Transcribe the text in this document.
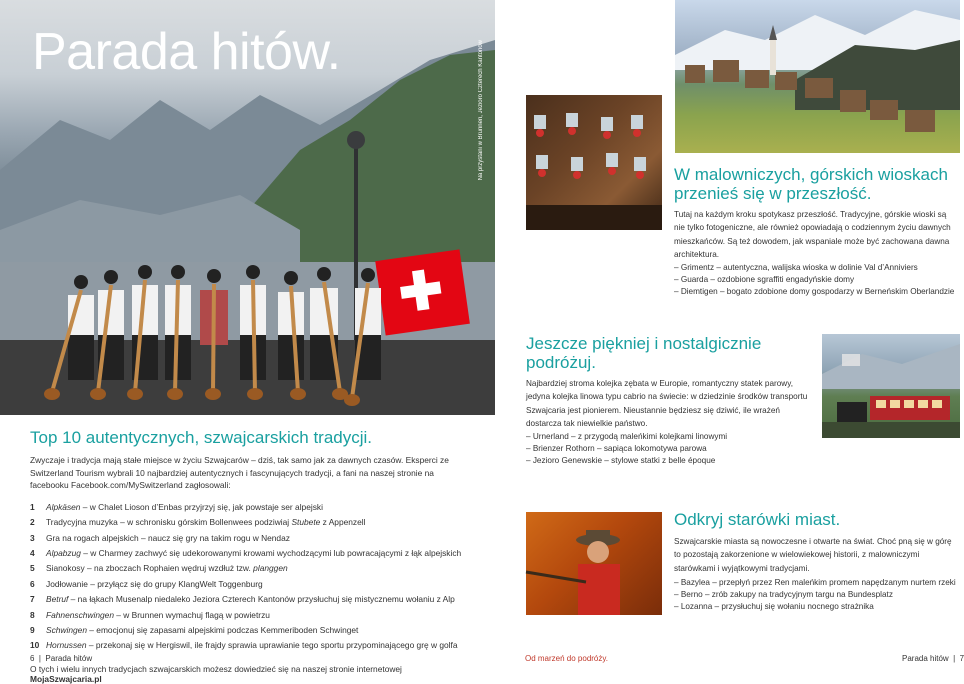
Parada hitów.	Na przystani w Brunnen, Jezioro Czterech Kantonów
Top 10 autentycznych, szwajcarskich tradycji.

Zwyczaje i tradycja mają stałe miejsce w życiu Szwajcarów – dziś, tak samo jak za dawnych czasów. Eksperci ze Switzerland Tourism wybrali 10 najbardziej autentycznych i fascynujących tradycji, a fani na naszej stronie na facebooku Facebook.com/MySwitzerland zagłosowali:

1	Alpkäsen – w Chalet Lioson d’Enbas przyjrzyj się, jak powstaje ser alpejski
2	Tradycyjna muzyka – w schronisku górskim Bollenwees podziwiaj Stubete z Appenzell
3	Gra na rogach alpejskich – naucz się gry na takim rogu w Nendaz
4	Alpabzug – w Charmey zachwyć się udekorowanymi krowami wychodzącymi lub powracającymi z łąk alpejskich
5	Sianokosy – na zboczach Rophaien wędruj wzdłuż tzw. planggen
6	Jodłowanie – przyłącz się do grupy KlangWelt Toggenburg
7	Betruf – na łąkach Musenalp niedaleko Jeziora Czterech Kantonów przysłuchuj się mistycznemu wołaniu z Alp
8	Fahnenschwingen – w Brunnen wymachuj flagą w powietrzu
9	Schwingen – emocjonuj się zapasami alpejskimi podczas Kemmeriboden Schwinget
10 Hornussen – przekonaj się w Hergiswil, ile frajdy sprawia uprawianie tego sportu przypominającego grę w golfa

O tych i wielu innych tradycjach szwajcarskich możesz dowiedzieć się na naszej stronie internetowej MojaSzwajcaria.pl

6  |  Parada hitów
W malowniczych, górskich wioskach przenieś się w przeszłość.

Tutaj na każdym kroku spotykasz przeszłość. Tradycyjne, górskie wioski są nie tylko fotogeniczne, ale również opowiadają o codziennym życiu dawnych mieszkańców. Są też dowodem, jak wspaniale może być zachowana dawna architektura.

– Grimentz – autentyczna, walijska wioska w dolinie Val d’Anniviers
– Guarda – ozdobione sgraffiti engadyńskie domy
– Diemtigen – bogato zdobione domy gospodarzy w Berneńskim Oberlandzie
Jeszcze piękniej i nostalgicznie podróżuj.

Najbardziej stroma kolejka zębata w Europie, romantyczny statek parowy, jedyna kolejka linowa typu cabrio na świecie: w dziedzinie środków transportu Szwajcaria jest pionierem. Nieustannie będziesz się dziwić, ile wrażeń dostarcza tak niewielkie państwo.

– Urnerland – z przygodą maleńkimi kolejkami linowymi
– Brienzer Rothorn – sapiąca lokomotywa parowa
– Jezioro Genewskie – stylowe statki z belle époque
Odkryj starówki miast.

Szwajcarskie miasta są nowoczesne i otwarte na świat. Choć pną się w górę to pozostają zakorzenione w wielowiekowej historii, z malowniczymi starówkami i wyjątkowymi tradycjami.

– Bazylea – przepłyń przez Ren maleńkim promem napędzanym nurtem rzeki
– Berno – zrób zakupy na tradycyjnym targu na Bundesplatz
– Lozanna – przysłuchuj się wołaniu nocnego strażnika
Od marzeń do podróży.	Parada hitów  |  7
